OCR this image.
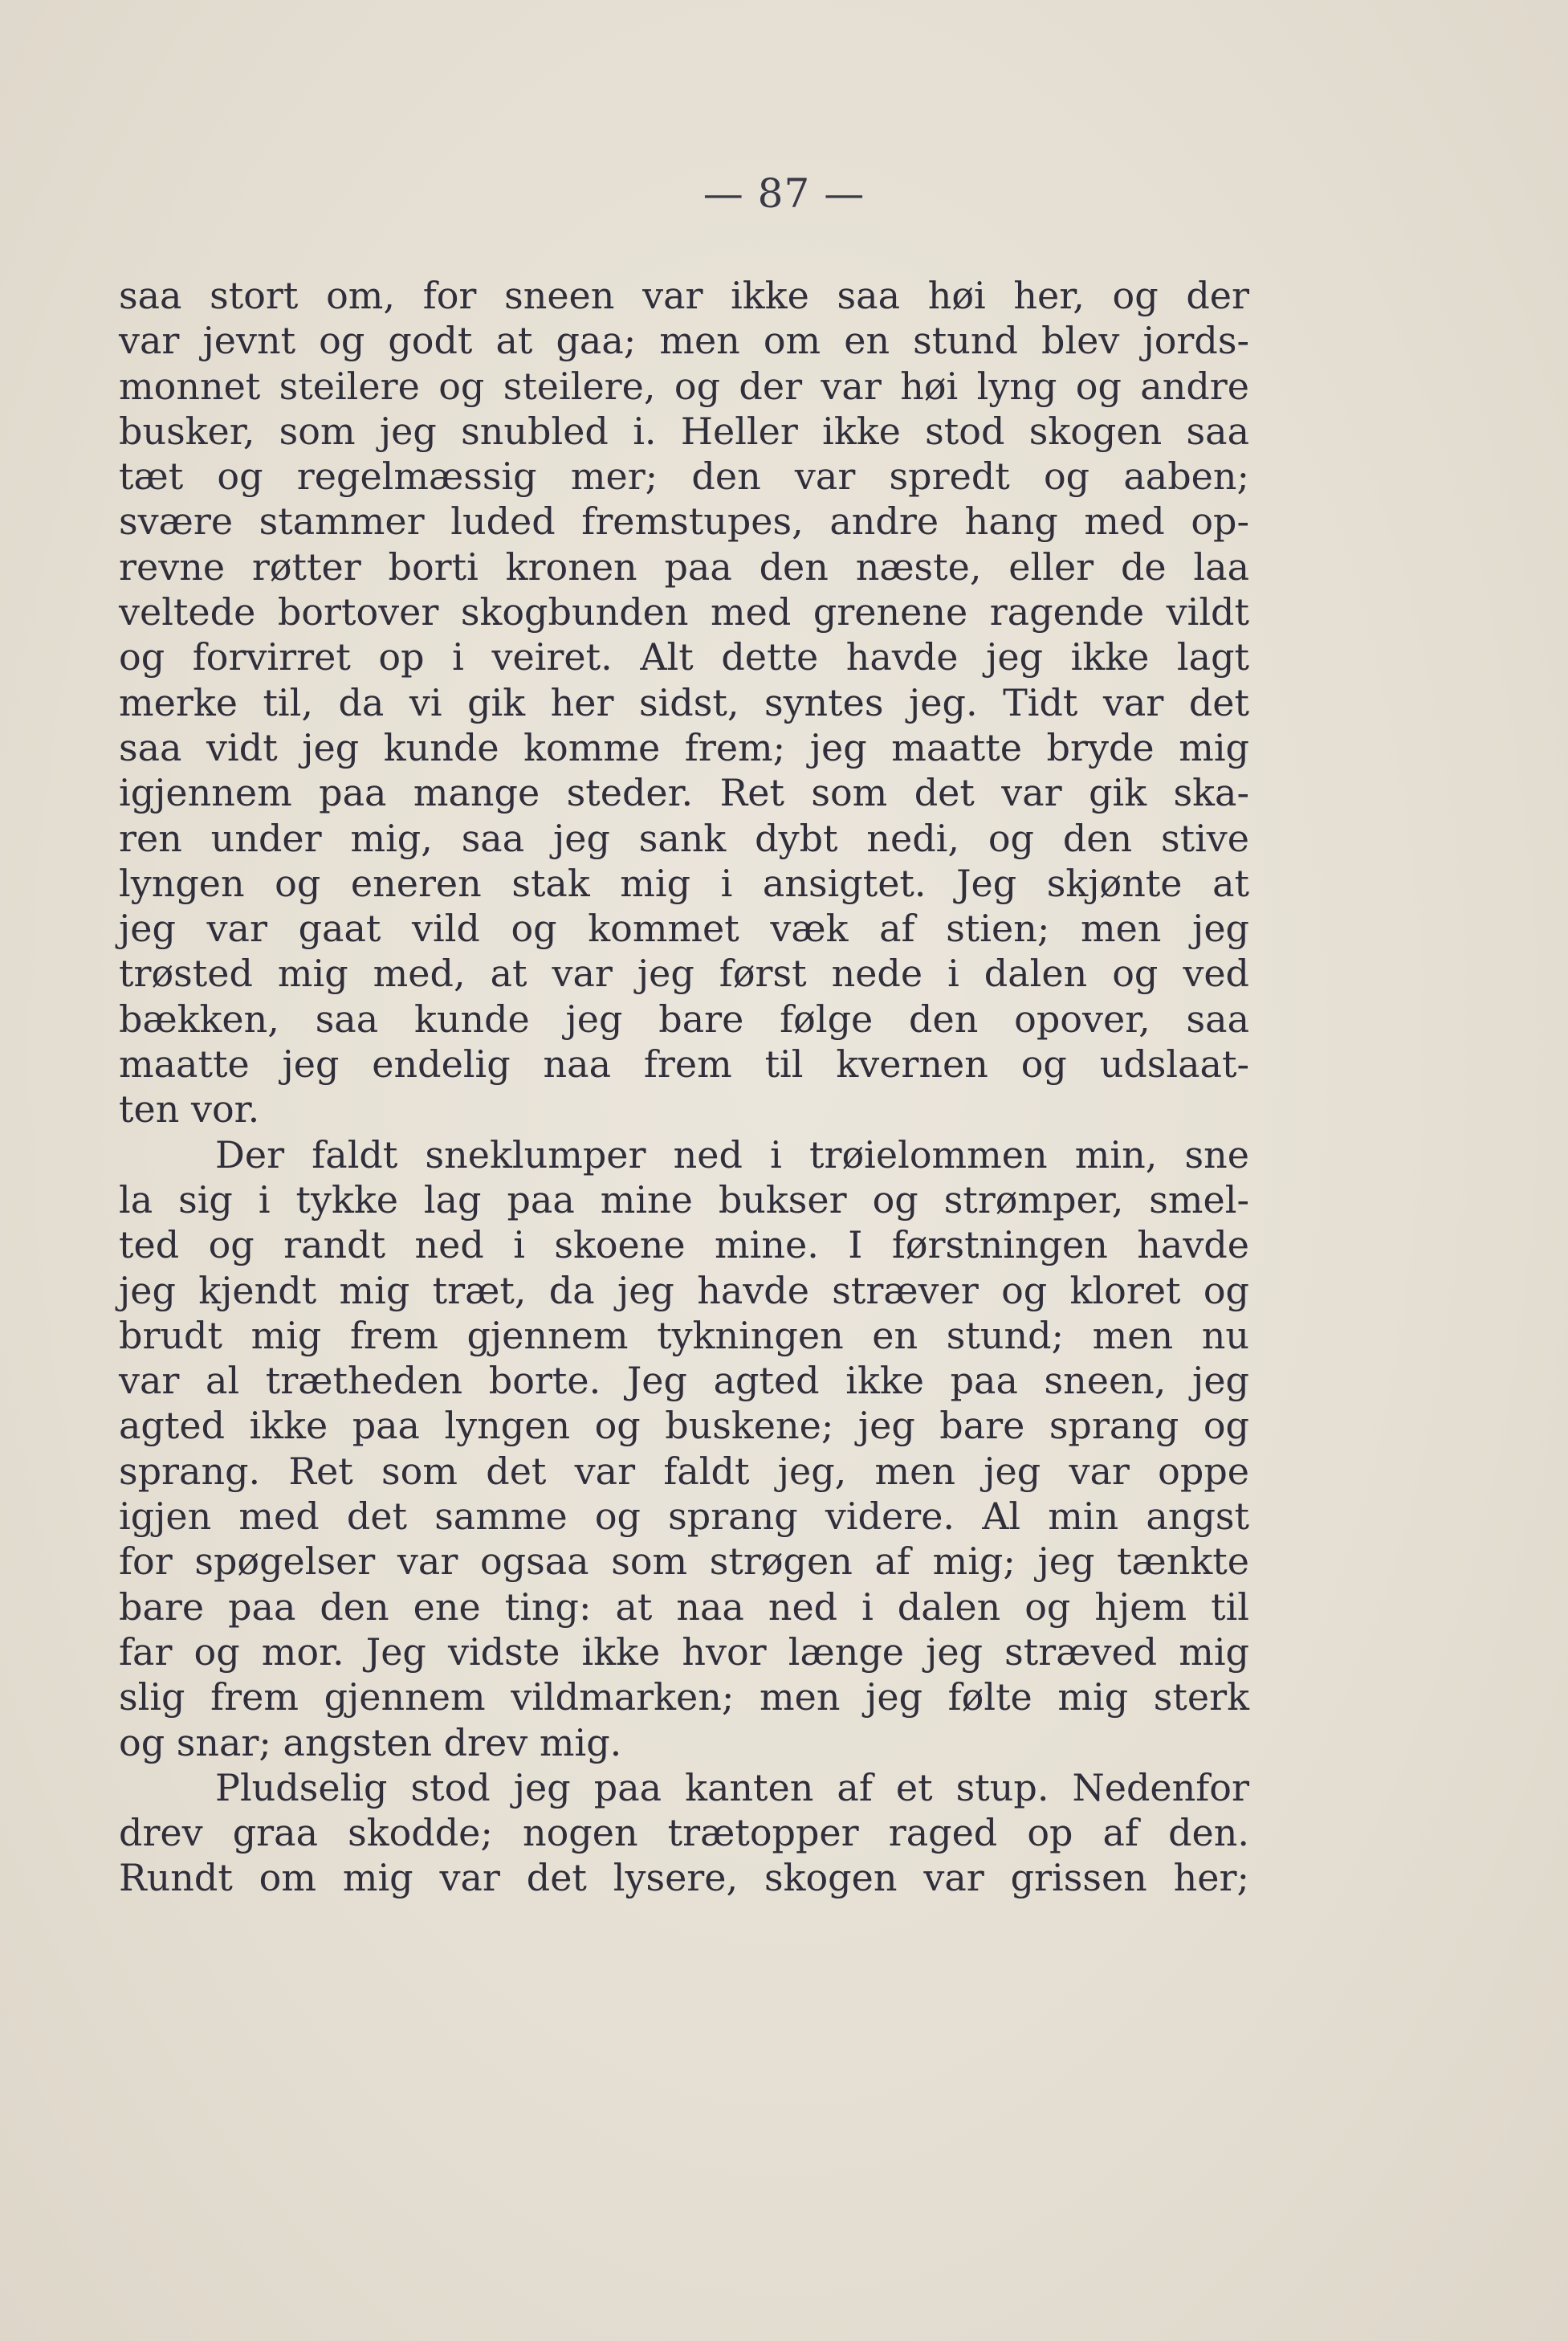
— 87 —
saa stort om, for sneen var ikke saa høi her, og der
var jevnt og godt at gaa; men om en stund blev jords-
monnet steilere og steilere, og der var høi lyng og andre
busker, som jeg snubled i. Heller ikke stod skogen saa
tæt og regelmæssig mer; den var spredt og aaben;
svære stammer luded fremstupes, andre hang med op-
revne røtter borti kronen paa den næste, eller de laa
veltede bortover skogbunden med grenene ragende vildt
og forvirret op i veiret. Alt dette havde jeg ikke lagt
merke til, da vi gik her sidst, syntes jeg. Tidt var det
saa vidt jeg kunde komme frem; jeg maatte bryde mig
igjennem paa mange steder. Ret som det var gik ska-
ren under mig, saa jeg sank dybt nedi, og den stive
lyngen og eneren stak mig i ansigtet. Jeg skjønte at
jeg var gaat vild og kommet væk af stien; men jeg
trøsted mig med, at var jeg først nede i dalen og ved
bækken, saa kunde jeg bare følge den opover, saa
maatte jeg endelig naa frem til kvernen og udslaat-
ten vor.
Der faldt sneklumper ned i trøielommen min, sne
la sig i tykke lag paa mine bukser og strømper, smel-
ted og randt ned i skoene mine. I førstningen havde
jeg kjendt mig træt, da jeg havde stræver og kloret og
brudt mig frem gjennem tykningen en stund; men nu
var al trætheden borte. Jeg agted ikke paa sneen, jeg
agted ikke paa lyngen og buskene; jeg bare sprang og
sprang. Ret som det var faldt jeg, men jeg var oppe
igjen med det samme og sprang videre. Al min angst
for spøgelser var ogsaa som strøgen af mig; jeg tænkte
bare paa den ene ting: at naa ned i dalen og hjem til
far og mor. Jeg vidste ikke hvor længe jeg stræved mig
slig frem gjennem vildmarken; men jeg følte mig sterk
og snar; angsten drev mig.
Pludselig stod jeg paa kanten af et stup. Nedenfor
drev graa skodde; nogen trætopper raged op af den.
Rundt om mig var det lysere, skogen var grissen her;
